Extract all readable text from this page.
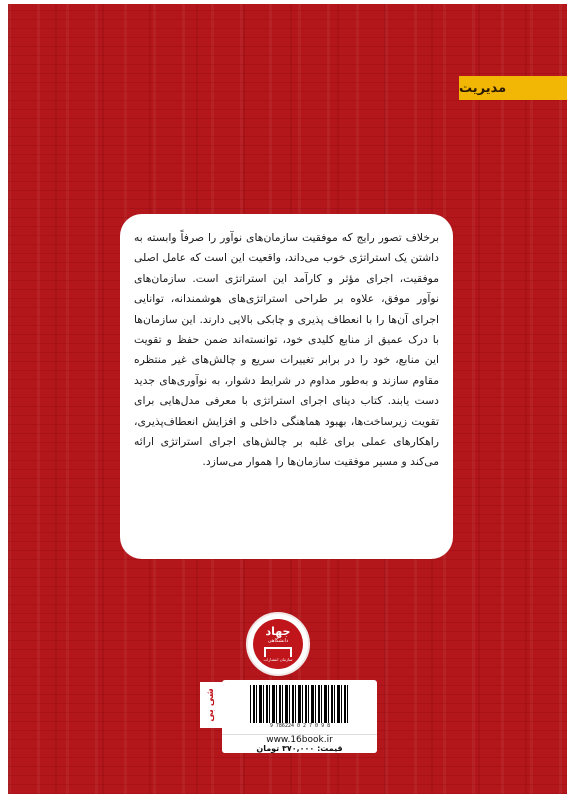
مدیریت

برخلاف تصور رایج که موفقیت سازمان‌های نوآور را صرفاً وابسته به داشتن یک استراتژی خوب می‌داند، واقعیت این است که عامل اصلی موفقیت، اجرای مؤثر و کارآمد این استراتژی است. سازمان‌های نوآور موفق، علاوه بر طراحی استراتژی‌های هوشمندانه، توانایی اجرای آن‌ها را با انعطاف پذیری و چابکی بالایی دارند. این سازمان‌ها با درک عمیق از منابع کلیدی خود، توانسته‌اند ضمن حفظ و تقویت این منابع، خود را در برابر تغییرات سریع و چالش‌های غیر منتظره مقاوم سازند و به‌طور مداوم در شرایط دشوار، به نوآوری‌های جدید دست یابند. کتاب دینای اجرای استراتژی با معرفی مدل‌هایی برای تقویت زیرساخت‌ها، بهبود هماهنگی داخلی و افزایش انعطاف‌پذیری، راهکارهای عملی برای غلبه بر چالش‌های اجرای استراتژی ارائه می‌کند و مسیر موفقیت سازمان‌ها را هموار می‌سازد.

جهاد
دانشگاهی
سازمان انتشارات
شی بی
9 786224 0 2 7 0 9 8
www.16book.ir
قیمت: ۳۷۰,۰۰۰ تومان
